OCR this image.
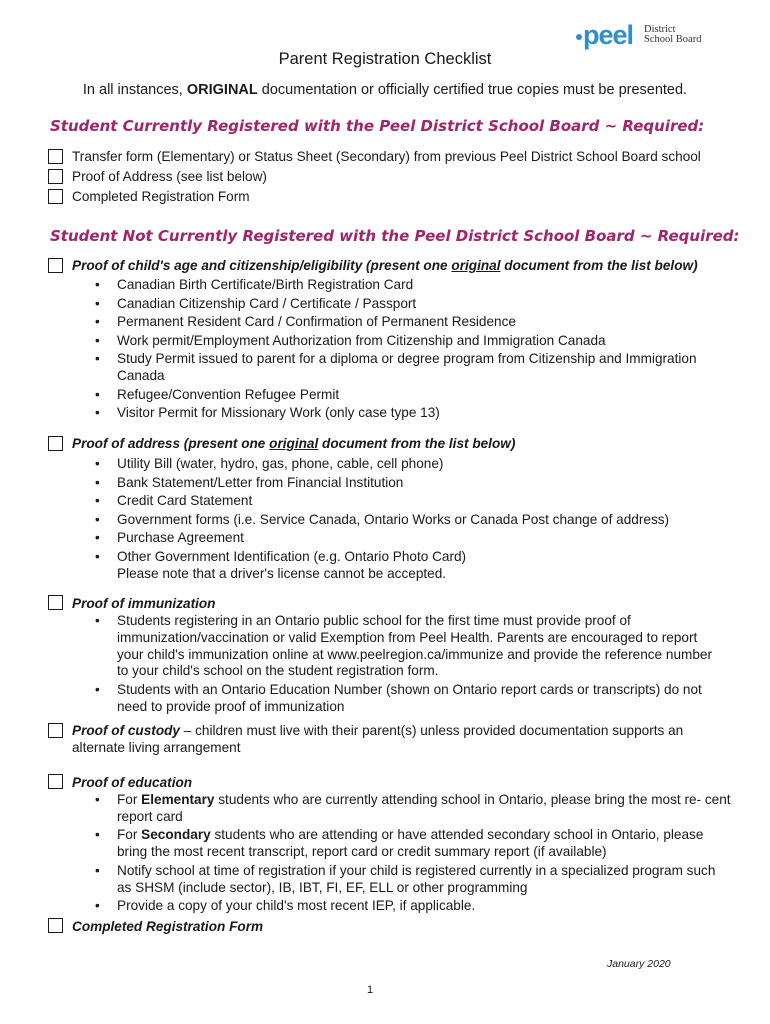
peel District
School Board
Parent Registration Checklist
In all instances, ORIGINAL documentation or officially certified true copies must be presented.
Student Currently Registered with the Peel District School Board ~ Required:
Transfer form (Elementary) or Status Sheet (Secondary) from previous Peel District School Board school
Proof of Address (see list below)
Completed Registration Form
Student Not Currently Registered with the Peel District School Board ~ Required:
Proof of child's age and citizenship/eligibility (present one original document from the list below)
• Canadian Birth Certificate/Birth Registration Card
• Canadian Citizenship Card / Certificate / Passport
• Permanent Resident Card / Confirmation of Permanent Residence
• Work permit/Employment Authorization from Citizenship and Immigration Canada
• Study Permit issued to parent for a diploma or degree program from Citizenship and Immigration Canada
• Refugee/Convention Refugee Permit
• Visitor Permit for Missionary Work (only case type 13)
Proof of address (present one original document from the list below)
• Utility Bill (water, hydro, gas, phone, cable, cell phone)
• Bank Statement/Letter from Financial Institution
• Credit Card Statement
• Government forms (i.e. Service Canada, Ontario Works or Canada Post change of address)
• Purchase Agreement
• Other Government Identification (e.g. Ontario Photo Card)
Please note that a driver's license cannot be accepted.
Proof of immunization
• Students registering in an Ontario public school for the first time must provide proof of immunization/vaccination or valid Exemption from Peel Health. Parents are encouraged to report your child's immunization online at www.peelregion.ca/immunize and provide the reference number to your child's school on the student registration form.
• Students with an Ontario Education Number (shown on Ontario report cards or transcripts) do not need to provide proof of immunization
Proof of custody – children must live with their parent(s) unless provided documentation supports an
alternate living arrangement
Proof of education
• For Elementary students who are currently attending school in Ontario, please bring the most re- cent report card
• For Secondary students who are attending or have attended secondary school in Ontario, please bring the most recent transcript, report card or credit summary report (if available)
• Notify school at time of registration if your child is registered currently in a specialized program such as SHSM (include sector), IB, IBT, FI, EF, ELL or other programming
• Provide a copy of your child's most recent IEP, if applicable.
Completed Registration Form
January 2020
1
